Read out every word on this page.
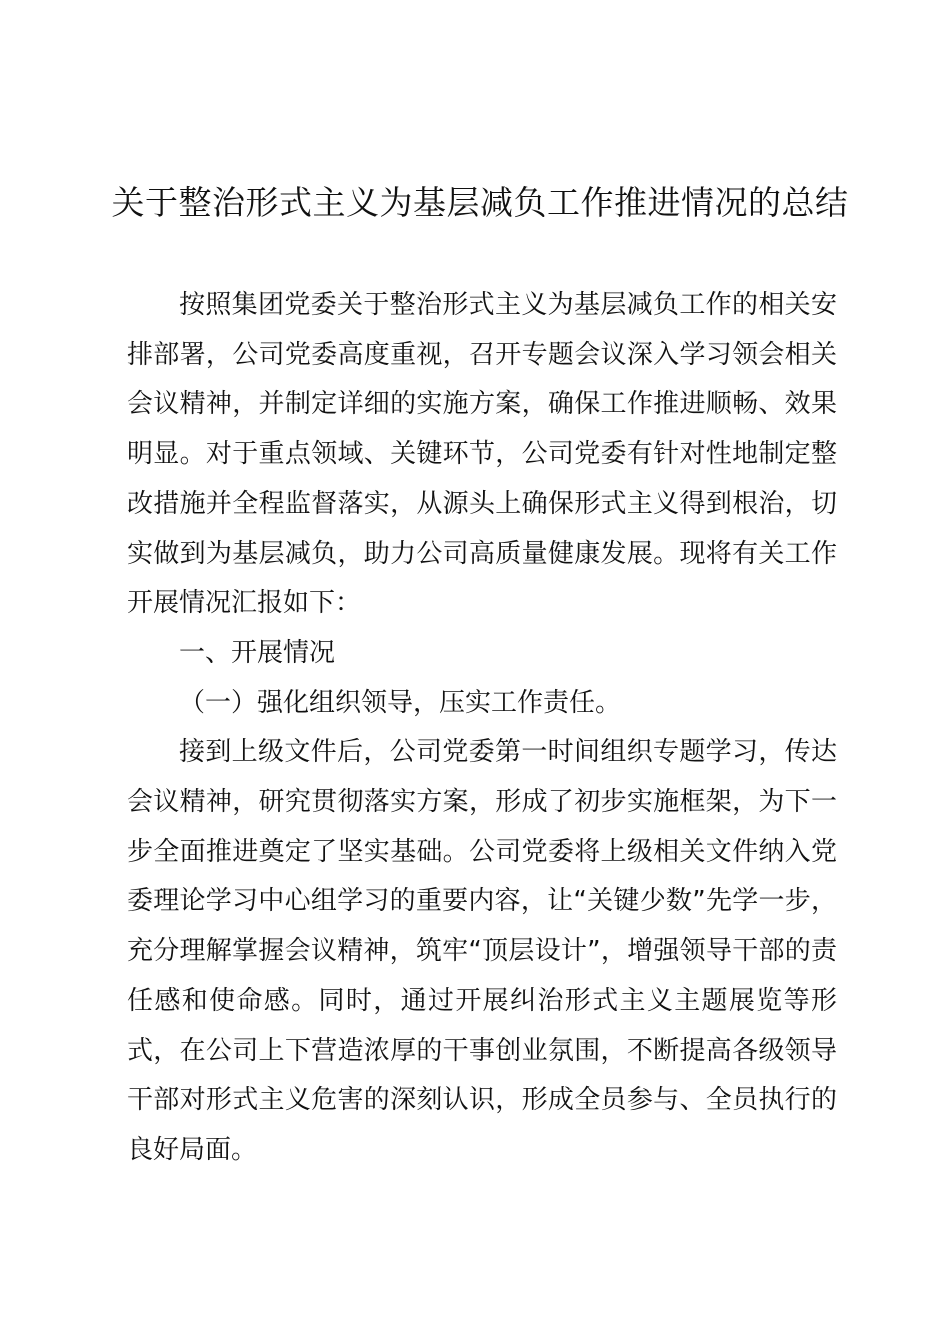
关于整治形式主义为基层减负工作推进情况的总结

按照集团党委关于整治形式主义为基层减负工作的相关安排部署，公司党委高度重视，召开专题会议深入学习领会相关会议精神，并制定详细的实施方案，确保工作推进顺畅、效果明显。对于重点领域、关键环节，公司党委有针对性地制定整改措施并全程监督落实，从源头上确保形式主义得到根治，切实做到为基层减负，助力公司高质量健康发展。现将有关工作开展情况汇报如下：

一、开展情况

（一）强化组织领导，压实工作责任。

接到上级文件后，公司党委第一时间组织专题学习，传达会议精神，研究贯彻落实方案，形成了初步实施框架，为下一步全面推进奠定了坚实基础。公司党委将上级相关文件纳入党委理论学习中心组学习的重要内容，让“关键少数”先学一步，充分理解掌握会议精神，筑牢“顶层设计”，增强领导干部的责任感和使命感。同时，通过开展纠治形式主义主题展览等形式，在公司上下营造浓厚的干事创业氛围，不断提高各级领导干部对形式主义危害的深刻认识，形成全员参与、全员执行的良好局面。
